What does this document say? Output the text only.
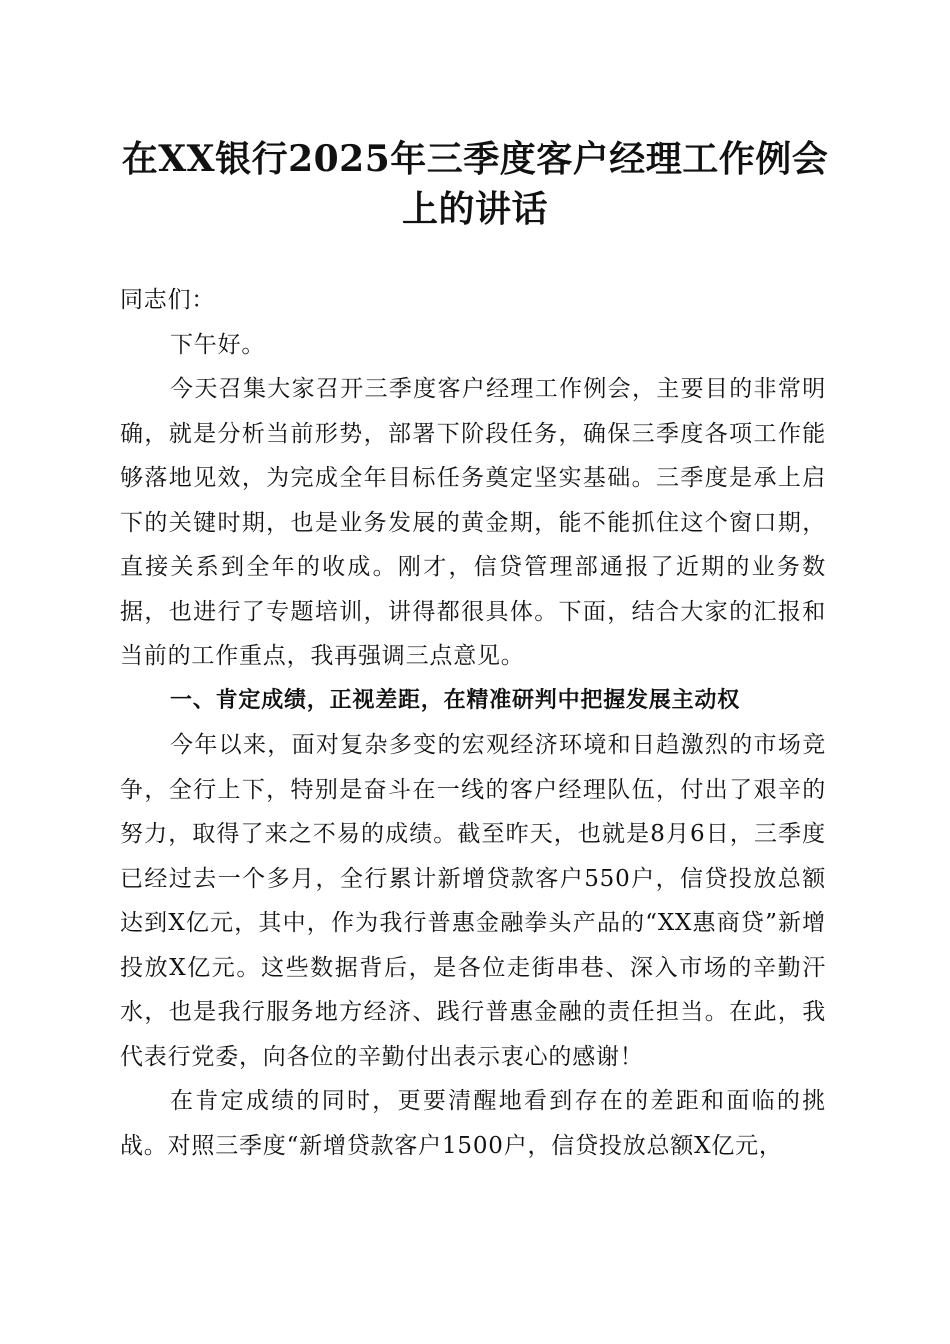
在XX银行2025年三季度客户经理工作例会
上的讲话

同志们：

下午好。

今天召集大家召开三季度客户经理工作例会，主要目的非常明确，就是分析当前形势，部署下阶段任务，确保三季度各项工作能够落地见效，为完成全年目标任务奠定坚实基础。三季度是承上启下的关键时期，也是业务发展的黄金期，能不能抓住这个窗口期，直接关系到全年的收成。刚才，信贷管理部通报了近期的业务数据，也进行了专题培训，讲得都很具体。下面，结合大家的汇报和当前的工作重点，我再强调三点意见。

一、肯定成绩，正视差距，在精准研判中把握发展主动权

今年以来，面对复杂多变的宏观经济环境和日趋激烈的市场竞争，全行上下，特别是奋斗在一线的客户经理队伍，付出了艰辛的努力，取得了来之不易的成绩。截至昨天，也就是8月6日，三季度已经过去一个多月，全行累计新增贷款客户550户，信贷投放总额达到X亿元，其中，作为我行普惠金融拳头产品的“XX惠商贷”新增投放X亿元。这些数据背后，是各位走街串巷、深入市场的辛勤汗水，也是我行服务地方经济、践行普惠金融的责任担当。在此，我代表行党委，向各位的辛勤付出表示衷心的感谢！

在肯定成绩的同时，更要清醒地看到存在的差距和面临的挑战。对照三季度“新增贷款客户1500户，信贷投放总额X亿元，
